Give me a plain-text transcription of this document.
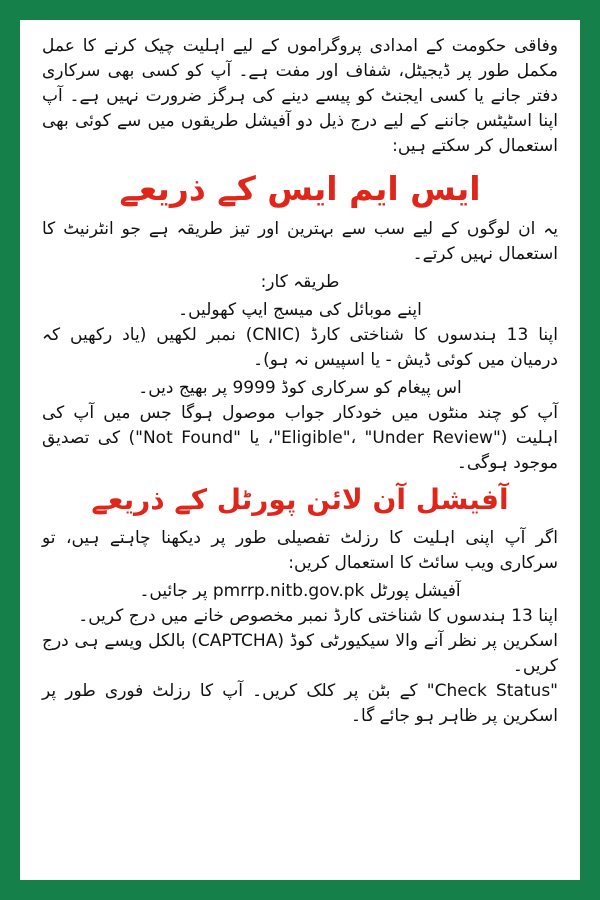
وفاقی حکومت کے امدادی پروگراموں کے لیے اہلیت چیک کرنے کا عمل مکمل طور پر ڈیجیٹل، شفاف اور مفت ہے۔ آپ کو کسی بھی سرکاری دفتر جانے یا کسی ایجنٹ کو پیسے دینے کی ہرگز ضرورت نہیں ہے۔ آپ اپنا اسٹیٹس جاننے کے لیے درج ذیل دو آفیشل طریقوں میں سے کوئی بھی استعمال کر سکتے ہیں:

ایس ایم ایس کے ذریعے

یہ ان لوگوں کے لیے سب سے بہترین اور تیز طریقہ ہے جو انٹرنیٹ کا استعمال نہیں کرتے۔

طریقہ کار:

اپنے موبائل کی میسج ایپ کھولیں۔

اپنا 13 ہندسوں کا شناختی کارڈ (CNIC) نمبر لکھیں (یاد رکھیں کہ درمیان میں کوئی ڈیش - یا اسپیس نہ ہو)۔

اس پیغام کو سرکاری کوڈ 9999 پر بھیج دیں۔

آپ کو چند منٹوں میں خودکار جواب موصول ہوگا جس میں آپ کی اہلیت ("Eligible"، "Under Review"، یا "Not Found") کی تصدیق موجود ہوگی۔

آفیشل آن لائن پورٹل کے ذریعے

اگر آپ اپنی اہلیت کا رزلٹ تفصیلی طور پر دیکھنا چاہتے ہیں، تو سرکاری ویب سائٹ کا استعمال کریں:

آفیشل پورٹل pmrrp.nitb.gov.pk پر جائیں۔

اپنا 13 ہندسوں کا شناختی کارڈ نمبر مخصوص خانے میں درج کریں۔

اسکرین پر نظر آنے والا سیکیورٹی کوڈ (CAPTCHA) بالکل ویسے ہی درج کریں۔

"Check Status" کے بٹن پر کلک کریں۔ آپ کا رزلٹ فوری طور پر اسکرین پر ظاہر ہو جائے گا۔
